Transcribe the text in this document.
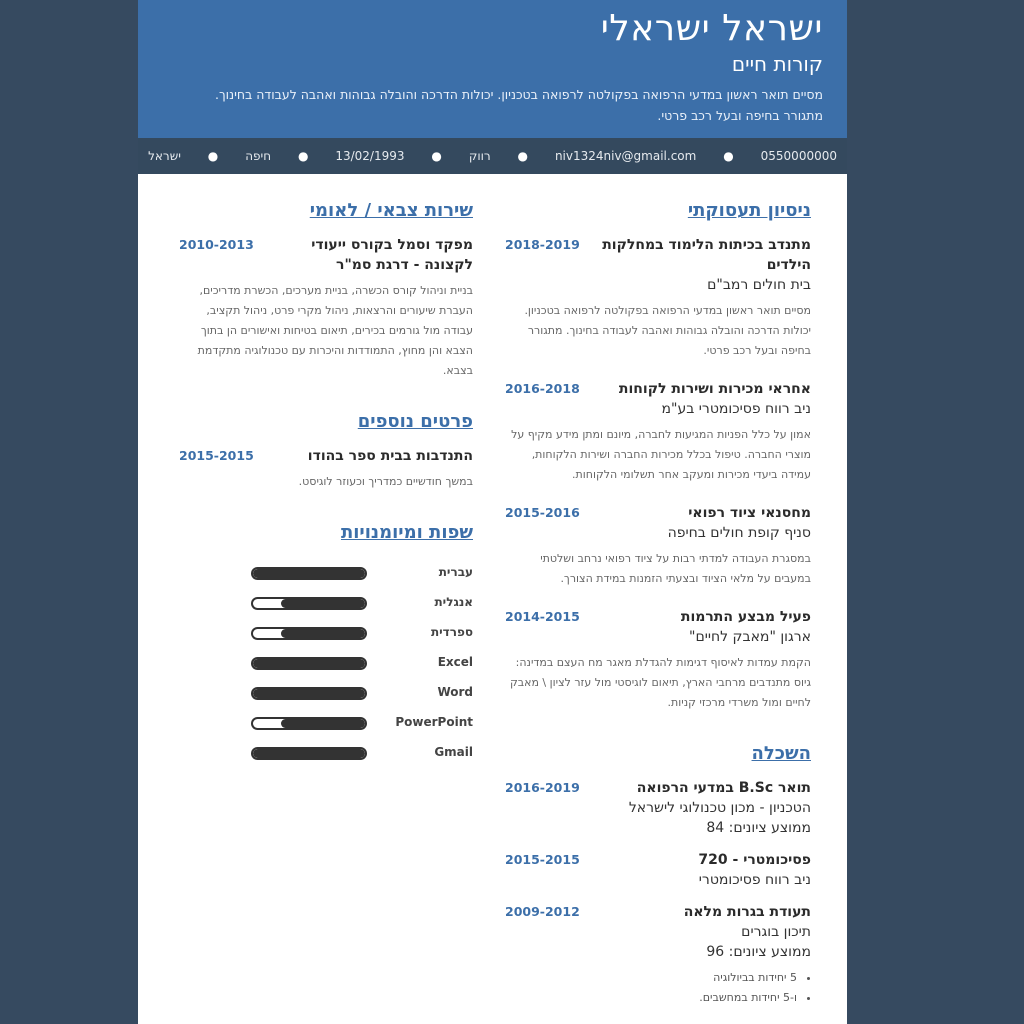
ישראל ישראלי
קורות חיים
מסיים תואר ראשון במדעי הרפואה בפקולטה לרפואה בטכניון. יכולות הדרכה והובלה גבוהות ואהבה לעבודה בחינוך. מתגורר בחיפה ובעל רכב פרטי.
0550000000
●
niv1324niv@gmail.com
●
רווק
●
13/02/1993
●
חיפה
●
ישראל
ניסיון תעסוקתי
2018-2019 מתנדב בכיתות הלימוד במחלקות הילדים
בית חולים רמב"ם
מסיים תואר ראשון במדעי הרפואה בפקולטה לרפואה בטכניון. יכולות הדרכה והובלה גבוהות ואהבה לעבודה בחינוך. מתגורר בחיפה ובעל רכב פרטי.
2016-2018	אחראי מכירות ושירות לקוחות
ניב רווח פסיכומטרי בע"מ
אמון על כלל הפניות המגיעות לחברה, מיונם ומתן מידע מקיף על מוצרי החברה. טיפול בכלל מכירות החברה ושירות הלקוחות, עמידה ביעדי מכירות ומעקב אחר תשלומי הלקוחות.
2015-2016	מחסנאי ציוד רפואי
סניף קופת חולים בחיפה
במסגרת העבודה למדתי רבות על ציוד רפואי נרחב ושלטתי במעבים על מלאי הציוד ובצעתי הזמנות במידת הצורך.
2014-2015	פעיל מבצע התרמות
ארגון "מאבק לחיים"
הקמת עמדות לאיסוף דגימות להגדלת מאגר מח העצם במדינה: גיוס מתנדבים מרחבי הארץ, תיאום לוגיסטי מול עזר לציון \ מאבק לחיים ומול משרדי מרכזי קניות.
השכלה
2016-2019	תואר B.Sc במדעי הרפואה
הטכניון - מכון טכנולוגי לישראל
ממוצע ציונים: 84
2015-2015	פסיכומטרי - 720
ניב רווח פסיכומטרי
2009-2012	תעודת בגרות מלאה
תיכון בוגרים
ממוצע ציונים: 96
• 5 יחידות בביולוגיה
• ו-5 יחידות במחשבים.
שירות צבאי / לאומי
2010-2013	מפקד וסמל בקורס ייעודי לקצונה - דרגת סמ"ר
בניית וניהול קורס הכשרה, בניית מערכים, הכשרת מדריכים, העברת שיעורים והרצאות, ניהול מקרי פרט, ניהול תקציב, עבודה מול גורמים בכירים, תיאום בטיחות ואישורים הן בתוך הצבא והן מחוץ, התמודדות והיכרות עם טכנולוגיה מתקדמת בצבא.
פרטים נוספים
2015-2015	התנדבות בבית ספר בהודו
במשך חודשיים כמדריך וכעוזר לוגיסט.
שפות ומיומנויות
עברית
אנגלית
ספרדית
Excel
Word
PowerPoint
Gmail
